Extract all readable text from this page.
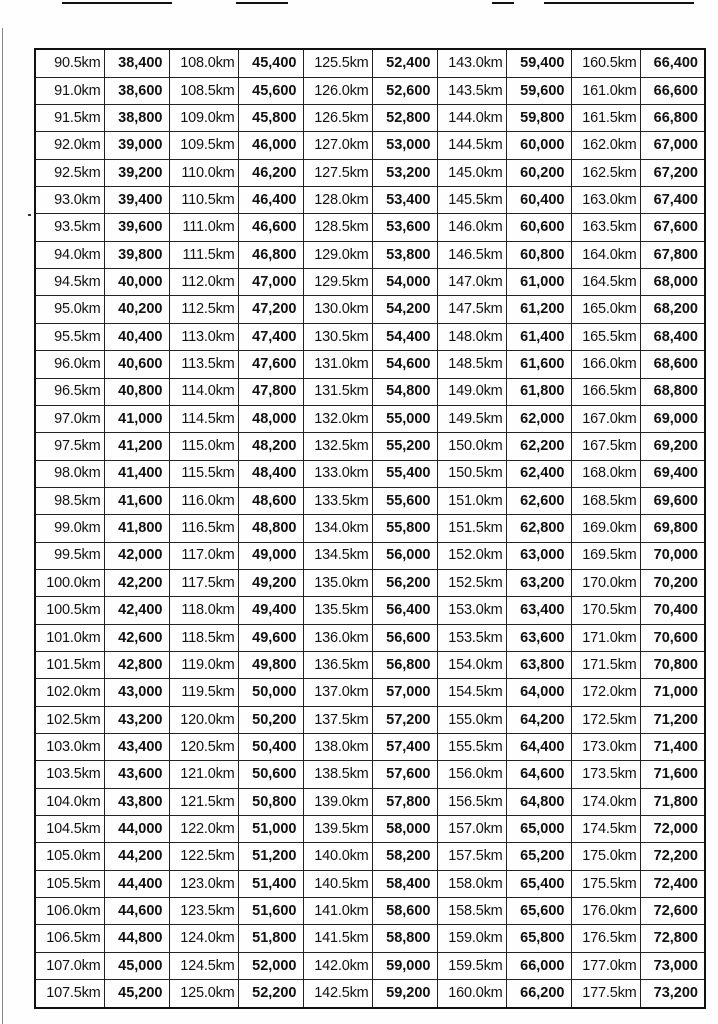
90.5km	38,400	108.0km	45,400	125.5km	52,400	143.0km	59,400	160.5km	66,400
91.0km	38,600	108.5km	45,600	126.0km	52,600	143.5km	59,600	161.0km	66,600
91.5km	38,800	109.0km	45,800	126.5km	52,800	144.0km	59,800	161.5km	66,800
92.0km	39,000	109.5km	46,000	127.0km	53,000	144.5km	60,000	162.0km	67,000
92.5km	39,200	110.0km	46,200	127.5km	53,200	145.0km	60,200	162.5km	67,200
93.0km	39,400	110.5km	46,400	128.0km	53,400	145.5km	60,400	163.0km	67,400
93.5km	39,600	111.0km	46,600	128.5km	53,600	146.0km	60,600	163.5km	67,600
94.0km	39,800	111.5km	46,800	129.0km	53,800	146.5km	60,800	164.0km	67,800
94.5km	40,000	112.0km	47,000	129.5km	54,000	147.0km	61,000	164.5km	68,000
95.0km	40,200	112.5km	47,200	130.0km	54,200	147.5km	61,200	165.0km	68,200
95.5km	40,400	113.0km	47,400	130.5km	54,400	148.0km	61,400	165.5km	68,400
96.0km	40,600	113.5km	47,600	131.0km	54,600	148.5km	61,600	166.0km	68,600
96.5km	40,800	114.0km	47,800	131.5km	54,800	149.0km	61,800	166.5km	68,800
97.0km	41,000	114.5km	48,000	132.0km	55,000	149.5km	62,000	167.0km	69,000
97.5km	41,200	115.0km	48,200	132.5km	55,200	150.0km	62,200	167.5km	69,200
98.0km	41,400	115.5km	48,400	133.0km	55,400	150.5km	62,400	168.0km	69,400
98.5km	41,600	116.0km	48,600	133.5km	55,600	151.0km	62,600	168.5km	69,600
99.0km	41,800	116.5km	48,800	134.0km	55,800	151.5km	62,800	169.0km	69,800
99.5km	42,000	117.0km	49,000	134.5km	56,000	152.0km	63,000	169.5km	70,000
100.0km	42,200	117.5km	49,200	135.0km	56,200	152.5km	63,200	170.0km	70,200
100.5km	42,400	118.0km	49,400	135.5km	56,400	153.0km	63,400	170.5km	70,400
101.0km	42,600	118.5km	49,600	136.0km	56,600	153.5km	63,600	171.0km	70,600
101.5km	42,800	119.0km	49,800	136.5km	56,800	154.0km	63,800	171.5km	70,800
102.0km	43,000	119.5km	50,000	137.0km	57,000	154.5km	64,000	172.0km	71,000
102.5km	43,200	120.0km	50,200	137.5km	57,200	155.0km	64,200	172.5km	71,200
103.0km	43,400	120.5km	50,400	138.0km	57,400	155.5km	64,400	173.0km	71,400
103.5km	43,600	121.0km	50,600	138.5km	57,600	156.0km	64,600	173.5km	71,600
104.0km	43,800	121.5km	50,800	139.0km	57,800	156.5km	64,800	174.0km	71,800
104.5km	44,000	122.0km	51,000	139.5km	58,000	157.0km	65,000	174.5km	72,000
105.0km	44,200	122.5km	51,200	140.0km	58,200	157.5km	65,200	175.0km	72,200
105.5km	44,400	123.0km	51,400	140.5km	58,400	158.0km	65,400	175.5km	72,400
106.0km	44,600	123.5km	51,600	141.0km	58,600	158.5km	65,600	176.0km	72,600
106.5km	44,800	124.0km	51,800	141.5km	58,800	159.0km	65,800	176.5km	72,800
107.0km	45,000	124.5km	52,000	142.0km	59,000	159.5km	66,000	177.0km	73,000
107.5km	45,200	125.0km	52,200	142.5km	59,200	160.0km	66,200	177.5km	73,200
